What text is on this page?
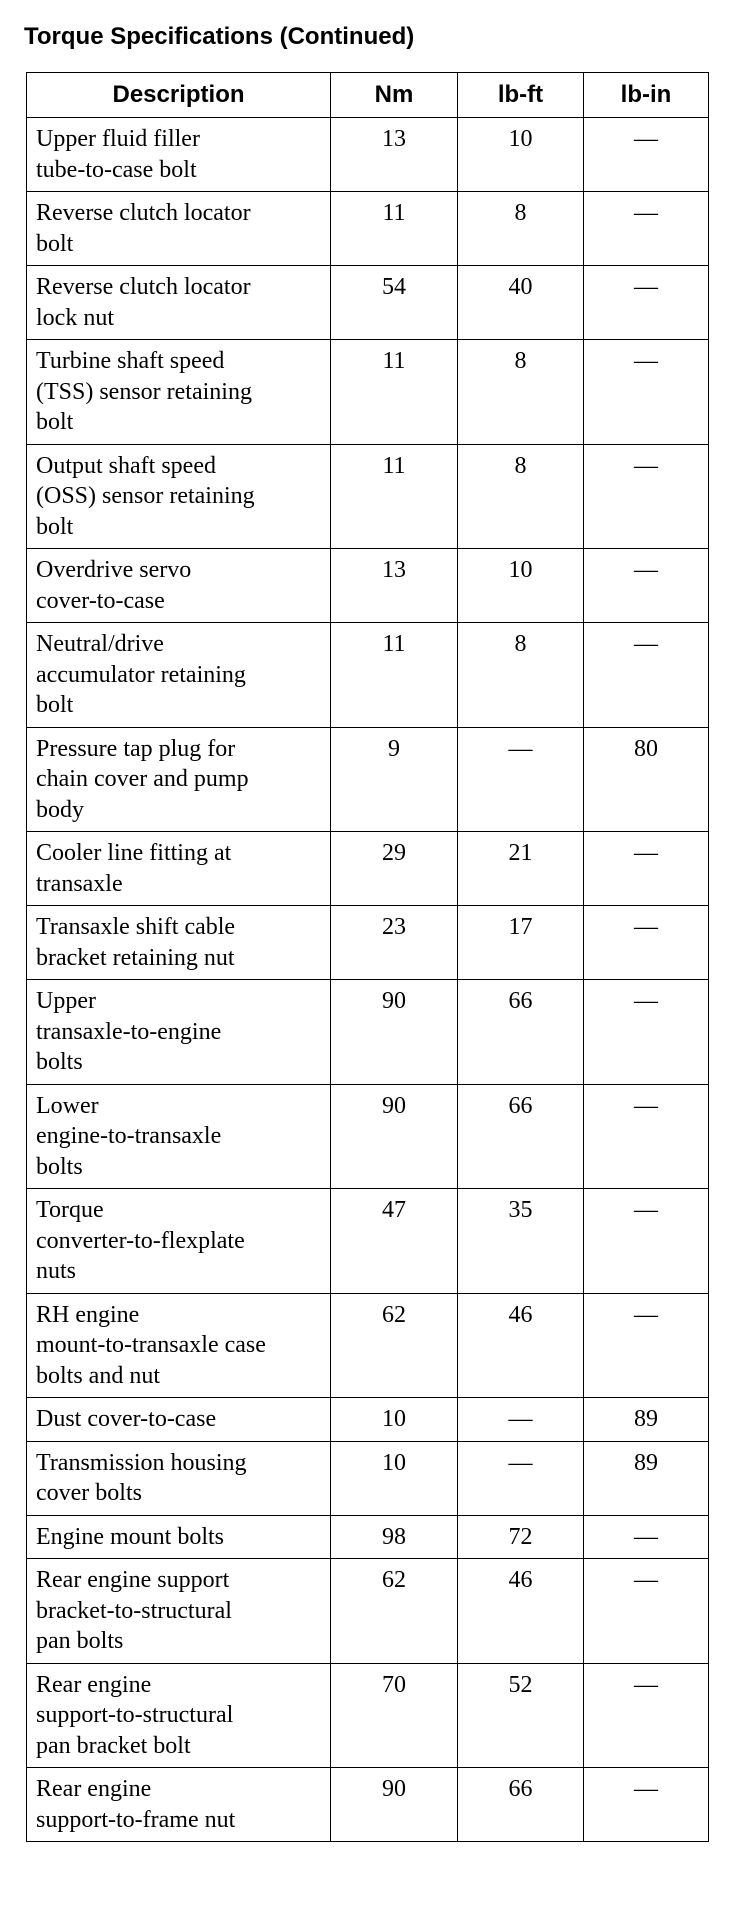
Torque Specifications (Continued)
Description	Nm	lb-ft	lb-in

Upper fluid filler
tube-to-case bolt	13	10	—

Reverse clutch locator
bolt	11	8	—

Reverse clutch locator
lock nut	54	40	—

Turbine shaft speed
(TSS) sensor retaining
bolt	11	8	—

Output shaft speed
(OSS) sensor retaining
bolt	11	8	—

Overdrive servo
cover-to-case	13	10	—

Neutral/drive
accumulator retaining
bolt	11	8	—

Pressure tap plug for
chain cover and pump
body	9	—	80

Cooler line fitting at
transaxle	29	21	—

Transaxle shift cable
bracket retaining nut	23	17	—

Upper
transaxle-to-engine
bolts	90	66	—

Lower
engine-to-transaxle
bolts	90	66	—

Torque
converter-to-flexplate
nuts	47	35	—

RH engine
mount-to-transaxle case
bolts and nut	62	46	—

Dust cover-to-case	10	—	89

Transmission housing
cover bolts	10	—	89

Engine mount bolts	98	72	—

Rear engine support
bracket-to-structural
pan bolts	62	46	—

Rear engine
support-to-structural
pan bracket bolt	70	52	—

Rear engine
support-to-frame nut	90	66	—
